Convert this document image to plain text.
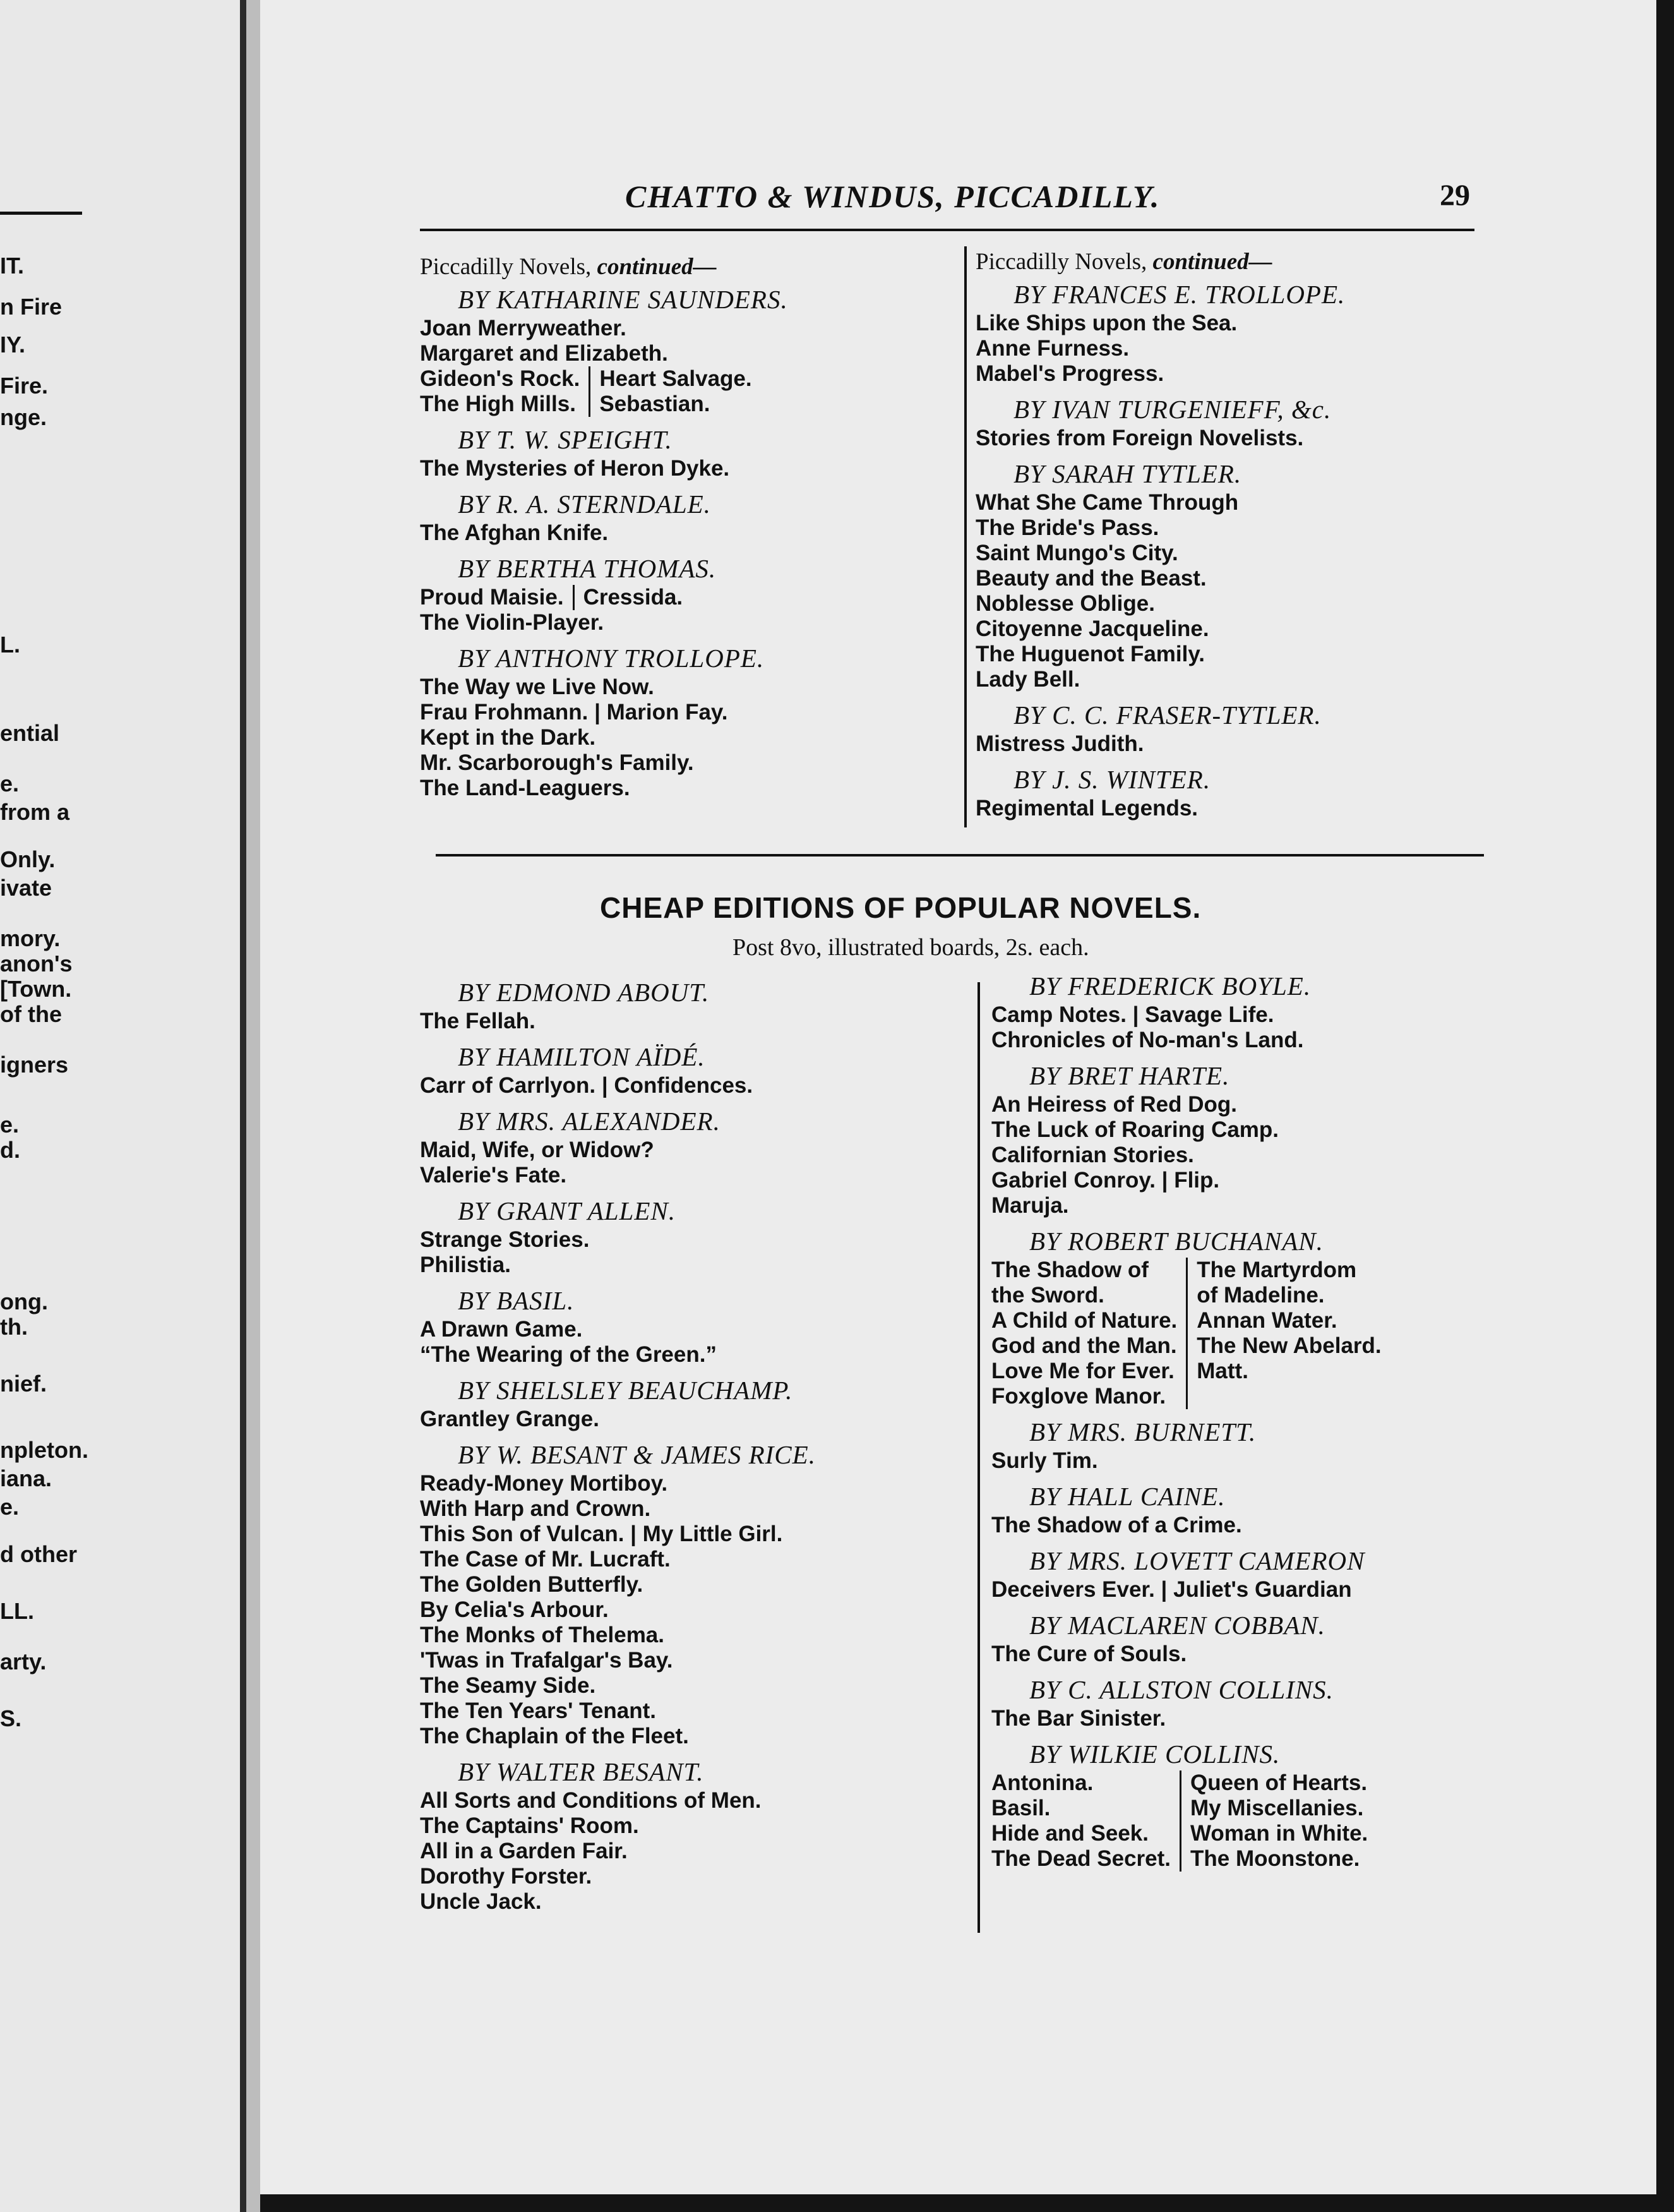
IT.
n Fire
IY.
Fire.
nge.
L.
ential
e.
from a
Only.
ivate
mory.
anon's
[Town.
of the
igners
e.
d.
ong.
th.
nief.
npleton.
iana.
e.
d other
LL.
arty.
S.
CHATTO & WINDUS, PICCADILLY.	29
Piccadilly Novels, continued—
BY KATHARINE SAUNDERS.
Joan Merryweather.
Margaret and Elizabeth.
Gideon's Rock.
The High Mills.
Heart Salvage.
Sebastian.
BY T. W. SPEIGHT.
The Mysteries of Heron Dyke.
BY R. A. STERNDALE.
The Afghan Knife.
BY BERTHA THOMAS.
Proud Maisie. Cressida.
The Violin-Player.
BY ANTHONY TROLLOPE.
The Way we Live Now.
Frau Frohmann. | Marion Fay.
Kept in the Dark.
Mr. Scarborough's Family.
The Land-Leaguers.
Piccadilly Novels, continued—
BY FRANCES E. TROLLOPE.
Like Ships upon the Sea.
Anne Furness.
Mabel's Progress.
BY IVAN TURGENIEFF, &c.
Stories from Foreign Novelists.
BY SARAH TYTLER.
What She Came Through
The Bride's Pass.
Saint Mungo's City.
Beauty and the Beast.
Noblesse Oblige.
Citoyenne Jacqueline.
The Huguenot Family.
Lady Bell.
BY C. C. FRASER-TYTLER.
Mistress Judith.
BY J. S. WINTER.
Regimental Legends.
CHEAP EDITIONS OF POPULAR NOVELS.
Post 8vo, illustrated boards, 2s. each.
BY EDMOND ABOUT.
The Fellah.
BY HAMILTON AÏDÉ.
Carr of Carrlyon. | Confidences.
BY MRS. ALEXANDER.
Maid, Wife, or Widow?
Valerie's Fate.
BY GRANT ALLEN.
Strange Stories.
Philistia.
BY BASIL.
A Drawn Game.
“The Wearing of the Green.”
BY SHELSLEY BEAUCHAMP.
Grantley Grange.
BY W. BESANT & JAMES RICE.
Ready-Money Mortiboy.
With Harp and Crown.
This Son of Vulcan. | My Little Girl.
The Case of Mr. Lucraft.
The Golden Butterfly.
By Celia's Arbour.
The Monks of Thelema.
'Twas in Trafalgar's Bay.
The Seamy Side.
The Ten Years' Tenant.
The Chaplain of the Fleet.
BY WALTER BESANT.
All Sorts and Conditions of Men.
The Captains' Room.
All in a Garden Fair.
Dorothy Forster.
Uncle Jack.
BY FREDERICK BOYLE.
Camp Notes. | Savage Life.
Chronicles of No-man's Land.
BY BRET HARTE.
An Heiress of Red Dog.
The Luck of Roaring Camp.
Californian Stories.
Gabriel Conroy. | Flip.
Maruja.
BY ROBERT BUCHANAN.
The Shadow of
the Sword.
A Child of Nature.
God and the Man.
Love Me for Ever.
Foxglove Manor.
The Martyrdom
of Madeline.
Annan Water.
The New Abelard.
Matt.
BY MRS. BURNETT.
Surly Tim.
BY HALL CAINE.
The Shadow of a Crime.
BY MRS. LOVETT CAMERON
Deceivers Ever. | Juliet's Guardian
BY MACLAREN COBBAN.
The Cure of Souls.
BY C. ALLSTON COLLINS.
The Bar Sinister.
BY WILKIE COLLINS.
Antonina.
Basil.
Hide and Seek.
The Dead Secret.
Queen of Hearts.
My Miscellanies.
Woman in White.
The Moonstone.
